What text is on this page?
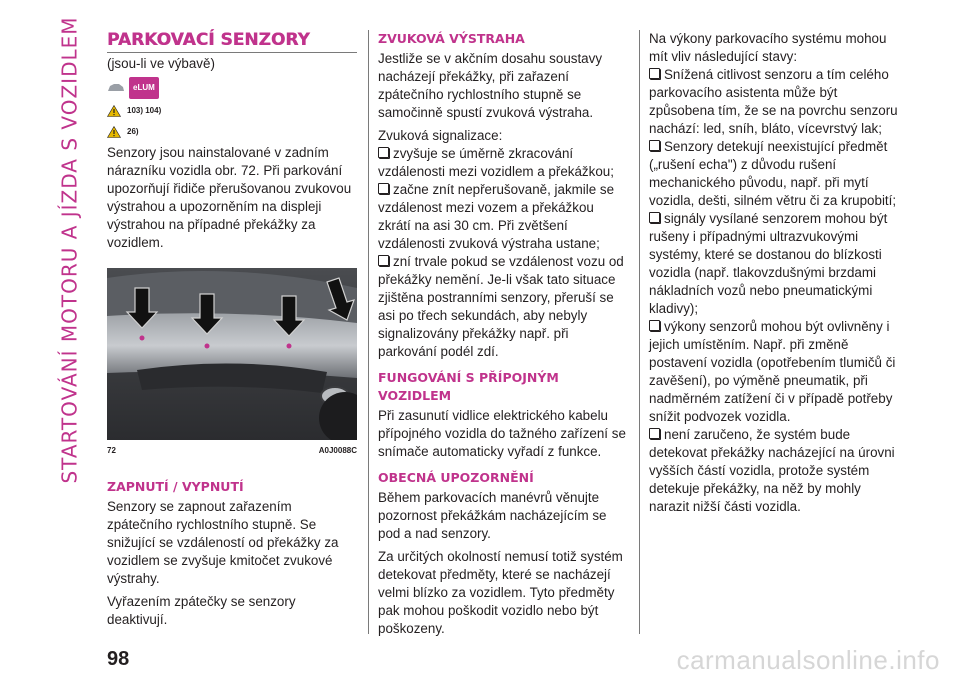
STARTOVÁNÍ MOTORU A JÍZDA S VOZIDLEM PARKOVACÍ SENZORY

(jsou-li ve výbavě)

eLUM
103) 104)
26)

Senzory jsou nainstalované v zadním nárazníku vozidla obr. 72. Při parkování upozorňují řidiče přerušovanou zvukovou výstrahou a upozorněním na displeji výstrahou na případné překážky za vozidlem.

72	A0J0088C
ZAPNUTÍ / VYPNUTÍ

Senzory se zapnout zařazením zpátečního rychlostního stupně. Se snižující se vzdáleností od překážky za vozidlem se zvyšuje kmitočet zvukové výstrahy.

Vyřazením zpátečky se senzory deaktivují.

ZVUKOVÁ VÝSTRAHA

Jestliže se v akčním dosahu soustavy nacházejí překážky, při zařazení zpátečního rychlostního stupně se samočinně spustí zvuková výstraha.

Zvuková signalizace:

zvyšuje se úměrně zkracování vzdálenosti mezi vozidlem a překážkou;
začne znít nepřerušovaně, jakmile se vzdálenost mezi vozem a překážkou zkrátí na asi 30 cm. Při zvětšení vzdálenosti zvuková výstraha ustane;
zní trvale pokud se vzdálenost vozu od překážky nemění. Je-li však tato situace zjištěna postranními senzory, přeruší se asi po třech sekundách, aby nebyly signalizovány překážky např. při parkování podél zdí.
FUNGOVÁNÍ S PŘÍPOJNÝM VOZIDLEM

Při zasunutí vidlice elektrického kabelu přípojného vozidla do tažného zařízení se snímače automaticky vyřadí z funkce.

OBECNÁ UPOZORNĚNÍ

Během parkovacích manévrů věnujte pozornost překážkám nacházejícím se pod a nad senzory.

Za určitých okolností nemusí totiž systém detekovat předměty, které se nacházejí velmi blízko za vozidlem. Tyto předměty pak mohou poškodit vozidlo nebo být poškozeny.

Na výkony parkovacího systému mohou mít vliv následující stavy:

Snížená citlivost senzoru a tím celého parkovacího asistenta může být způsobena tím, že se na povrchu senzoru nachází: led, sníh, bláto, vícevrstvý lak;
Senzory detekují neexistující předmět („rušení echa") z důvodu rušení mechanického původu, např. při mytí vozidla, dešti, silném větru či za krupobití;
signály vysílané senzorem mohou být rušeny i případnými ultrazvukovými systémy, které se dostanou do blízkosti vozidla (např. tlakovzdušnými brzdami nákladních vozů nebo pneumatickými kladivy);
výkony senzorů mohou být ovlivněny i jejich umístěním. Např. při změně postavení vozidla (opotřebením tlumičů či zavěšení), po výměně pneumatik, při nadměrném zatížení či v případě potřeby snížit podvozek vozidla.
není zaručeno, že systém bude detekovat překážky nacházející na úrovni vyšších částí vozidla, protože systém detekuje překážky, na něž by mohly narazit nižší části vozidla.
98	carmanualsonline.info
